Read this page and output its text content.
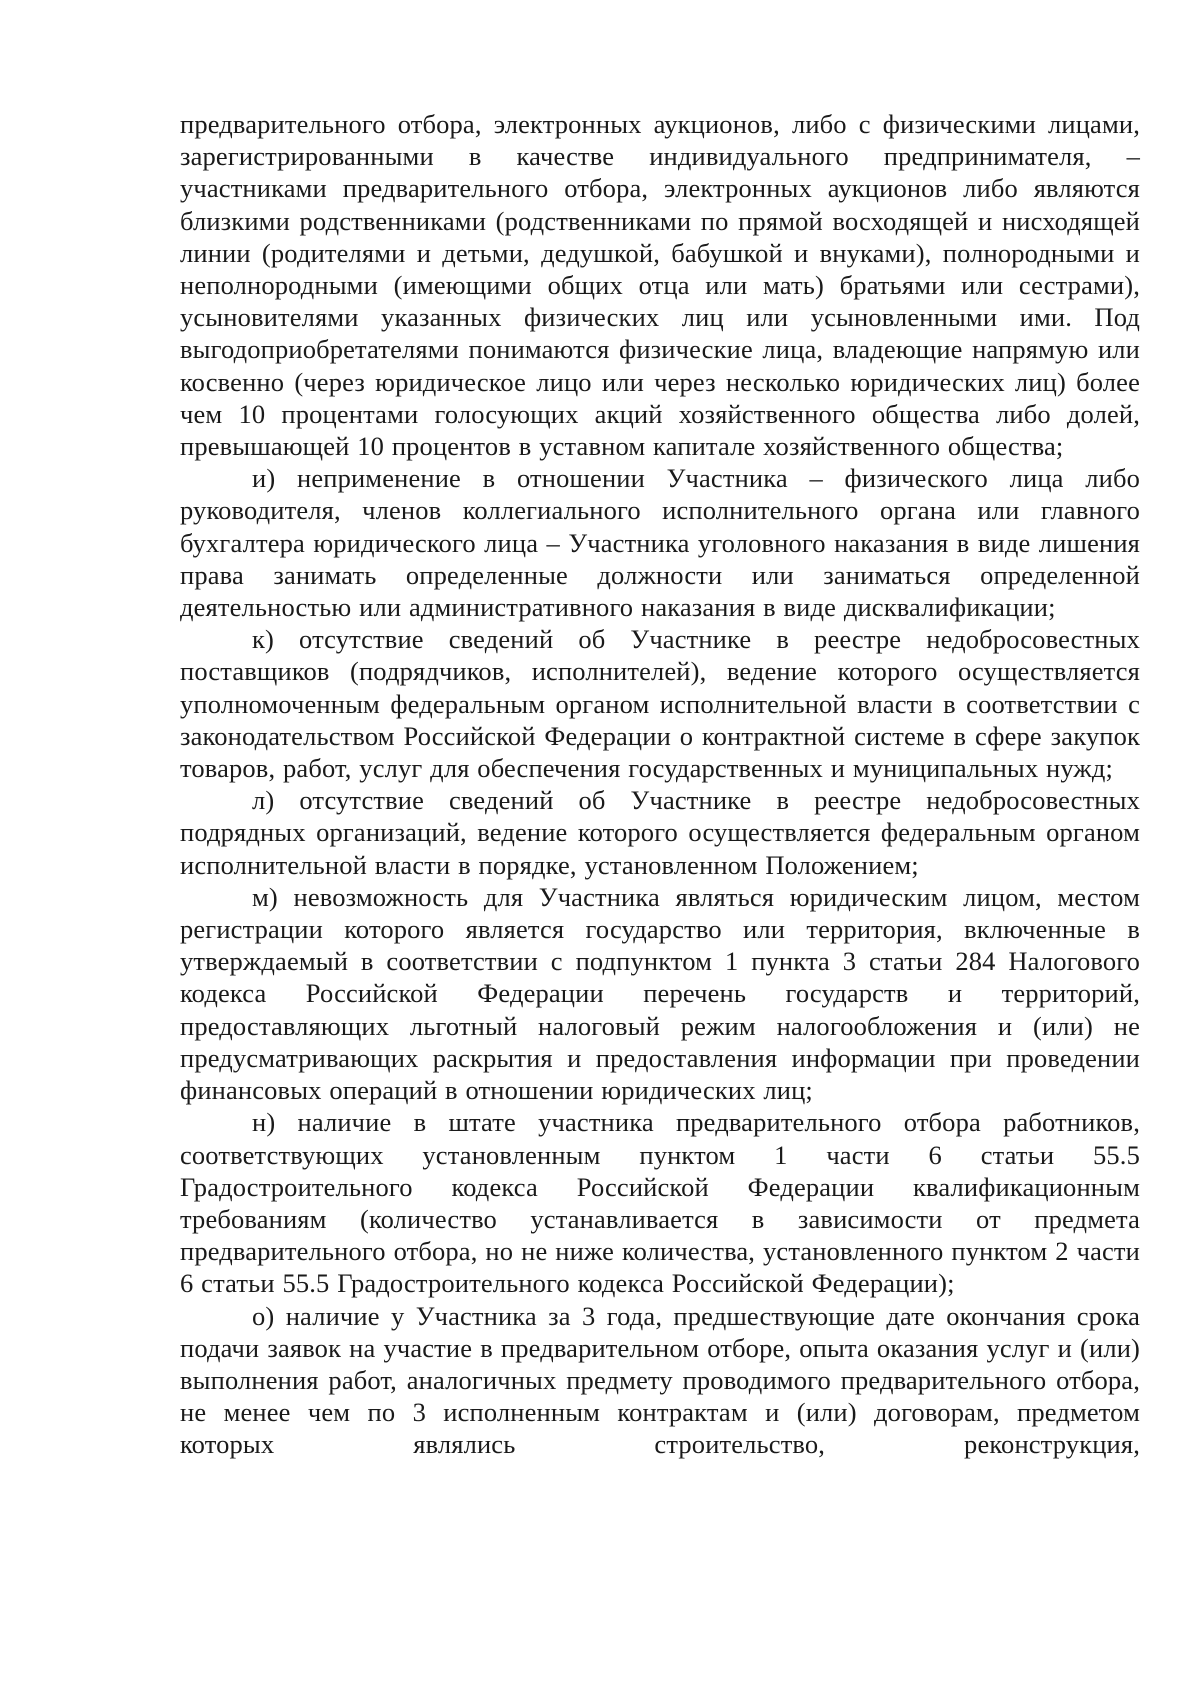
предварительного отбора, электронных аукционов, либо с физическими лицами, зарегистрированными в качестве индивидуального предпринимателя, – участниками предварительного отбора, электронных аукционов либо являются близкими родственниками (родственниками по прямой восходящей и нисходящей линии (родителями и детьми, дедушкой, бабушкой и внуками), полнородными и неполнородными (имеющими общих отца или мать) братьями или сестрами), усыновителями указанных физических лиц или усыновленными ими. Под выгодоприобретателями понимаются физические лица, владеющие напрямую или косвенно (через юридическое лицо или через несколько юридических лиц) более чем 10 процентами голосующих акций хозяйственного общества либо долей, превышающей 10 процентов в уставном капитале хозяйственного общества;

и) неприменение в отношении Участника – физического лица либо руководителя, членов коллегиального исполнительного органа или главного бухгалтера юридического лица – Участника уголовного наказания в виде лишения права занимать определенные должности или заниматься определенной деятельностью или административного наказания в виде дисквалификации;

к) отсутствие сведений об Участнике в реестре недобросовестных поставщиков (подрядчиков, исполнителей), ведение которого осуществляется уполномоченным федеральным органом исполнительной власти в соответствии с законодательством Российской Федерации о контрактной системе в сфере закупок товаров, работ, услуг для обеспечения государственных и муниципальных нужд;

л) отсутствие сведений об Участнике в реестре недобросовестных подрядных организаций, ведение которого осуществляется федеральным органом исполнительной власти в порядке, установленном Положением;

м) невозможность для Участника являться юридическим лицом, местом регистрации которого является государство или территория, включенные в утверждаемый в соответствии с подпунктом 1 пункта 3 статьи 284 Налогового кодекса Российской Федерации перечень государств и территорий, предоставляющих льготный налоговый режим налогообложения и (или) не предусматривающих раскрытия и предоставления информации при проведении финансовых операций в отношении юридических лиц;

н) наличие в штате участника предварительного отбора работников, соответствующих установленным пунктом 1 части 6 статьи 55.5 Градостроительного кодекса Российской Федерации квалификационным требованиям (количество устанавливается в зависимости от предмета предварительного отбора, но не ниже количества, установленного пунктом 2 части 6 статьи 55.5 Градостроительного кодекса Российской Федерации);

о) наличие у Участника за 3 года, предшествующие дате окончания срока подачи заявок на участие в предварительном отборе, опыта оказания услуг и (или) выполнения работ, аналогичных предмету проводимого предварительного отбора, не менее чем по 3 исполненным контрактам и (или) договорам, предметом которых являлись строительство, реконструкция,
